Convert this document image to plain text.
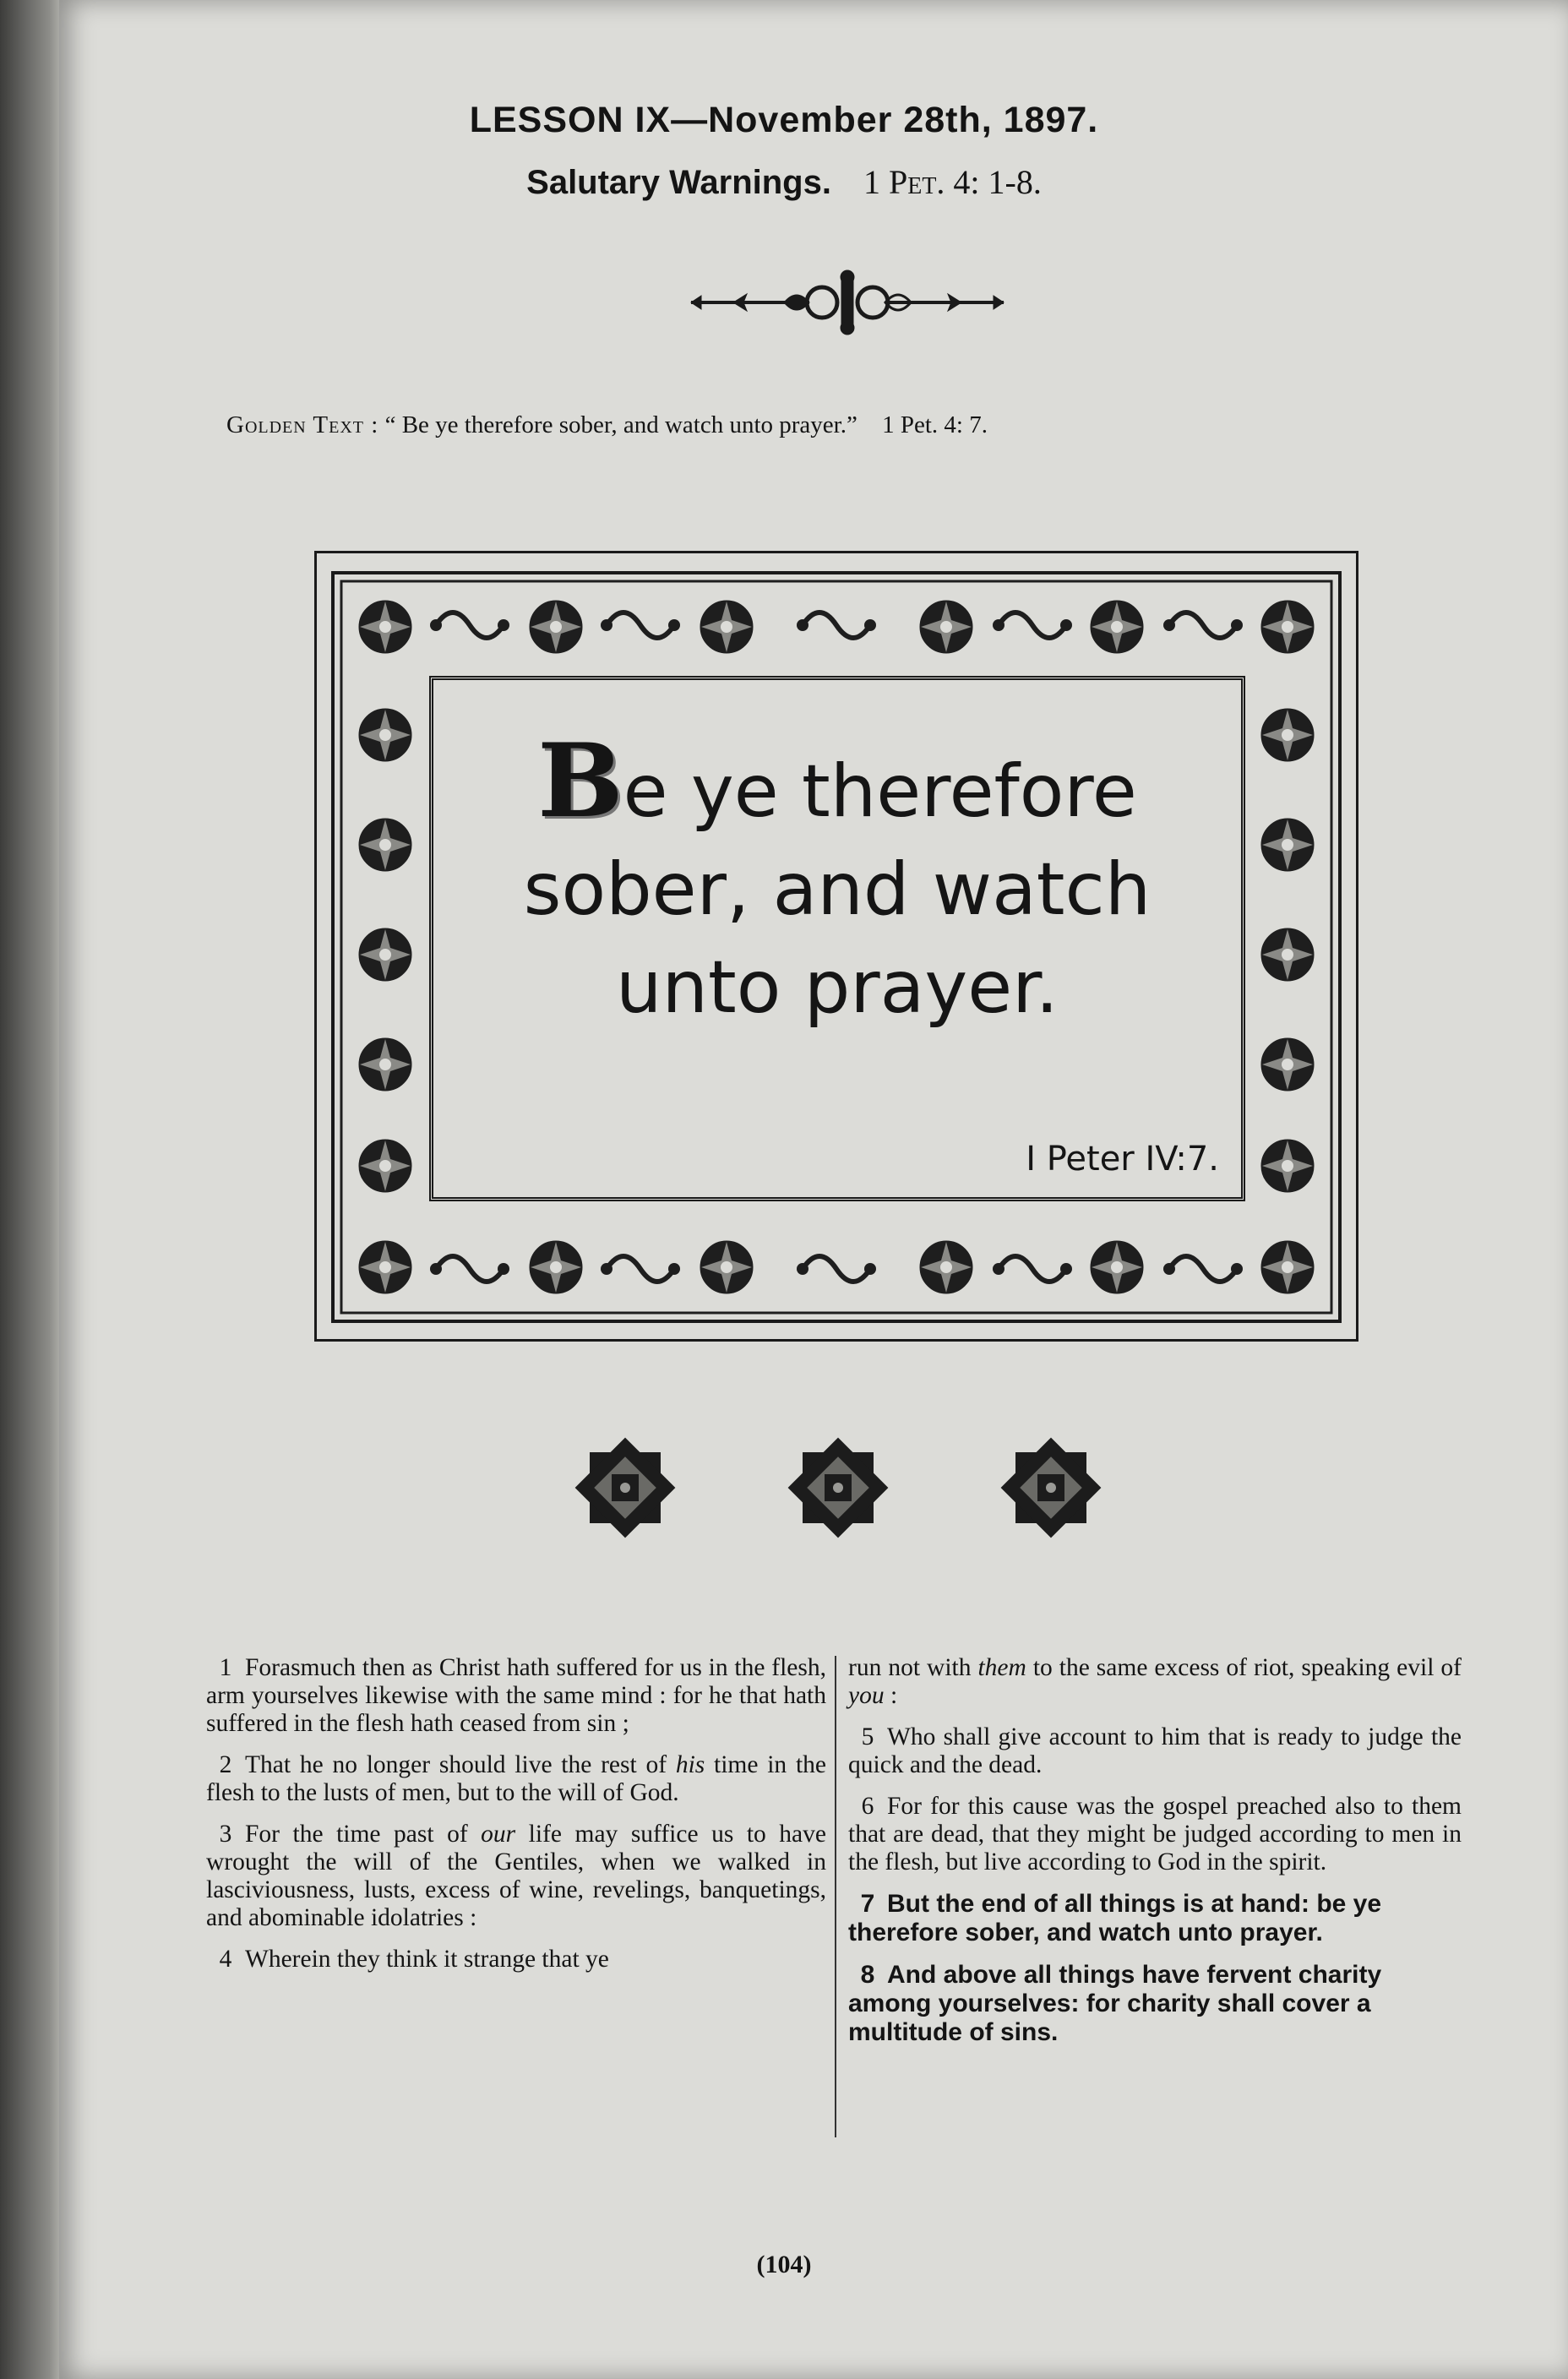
LESSON IX—November 28th, 1897.
Salutary Warnings. 1 Pet. 4: 1-8.
Golden Text : “ Be ye therefore sober, and watch unto prayer.” 1 Pet. 4: 7.
Be ye therefore
sober, and watch
unto prayer.
I Peter IV:7.

1 Forasmuch then as Christ hath suffered for us in the flesh, arm yourselves likewise with the same mind : for he that hath suffered in the flesh hath ceased from sin ;

2 That he no longer should live the rest of his time in the flesh to the lusts of men, but to the will of God.

3 For the time past of our life may suffice us to have wrought the will of the Gentiles, when we walked in lasciviousness, lusts, excess of wine, revelings, banquetings, and abominable idolatries :

4 Wherein they think it strange that ye

run not with them to the same excess of riot, speaking evil of you :

5 Who shall give account to him that is ready to judge the quick and the dead.

6 For for this cause was the gospel preached also to them that are dead, that they might be judged according to men in the flesh, but live according to God in the spirit.

7 But the end of all things is at hand: be ye therefore sober, and watch unto prayer.

8 And above all things have fervent charity among yourselves: for charity shall cover a multitude of sins.

(104)
